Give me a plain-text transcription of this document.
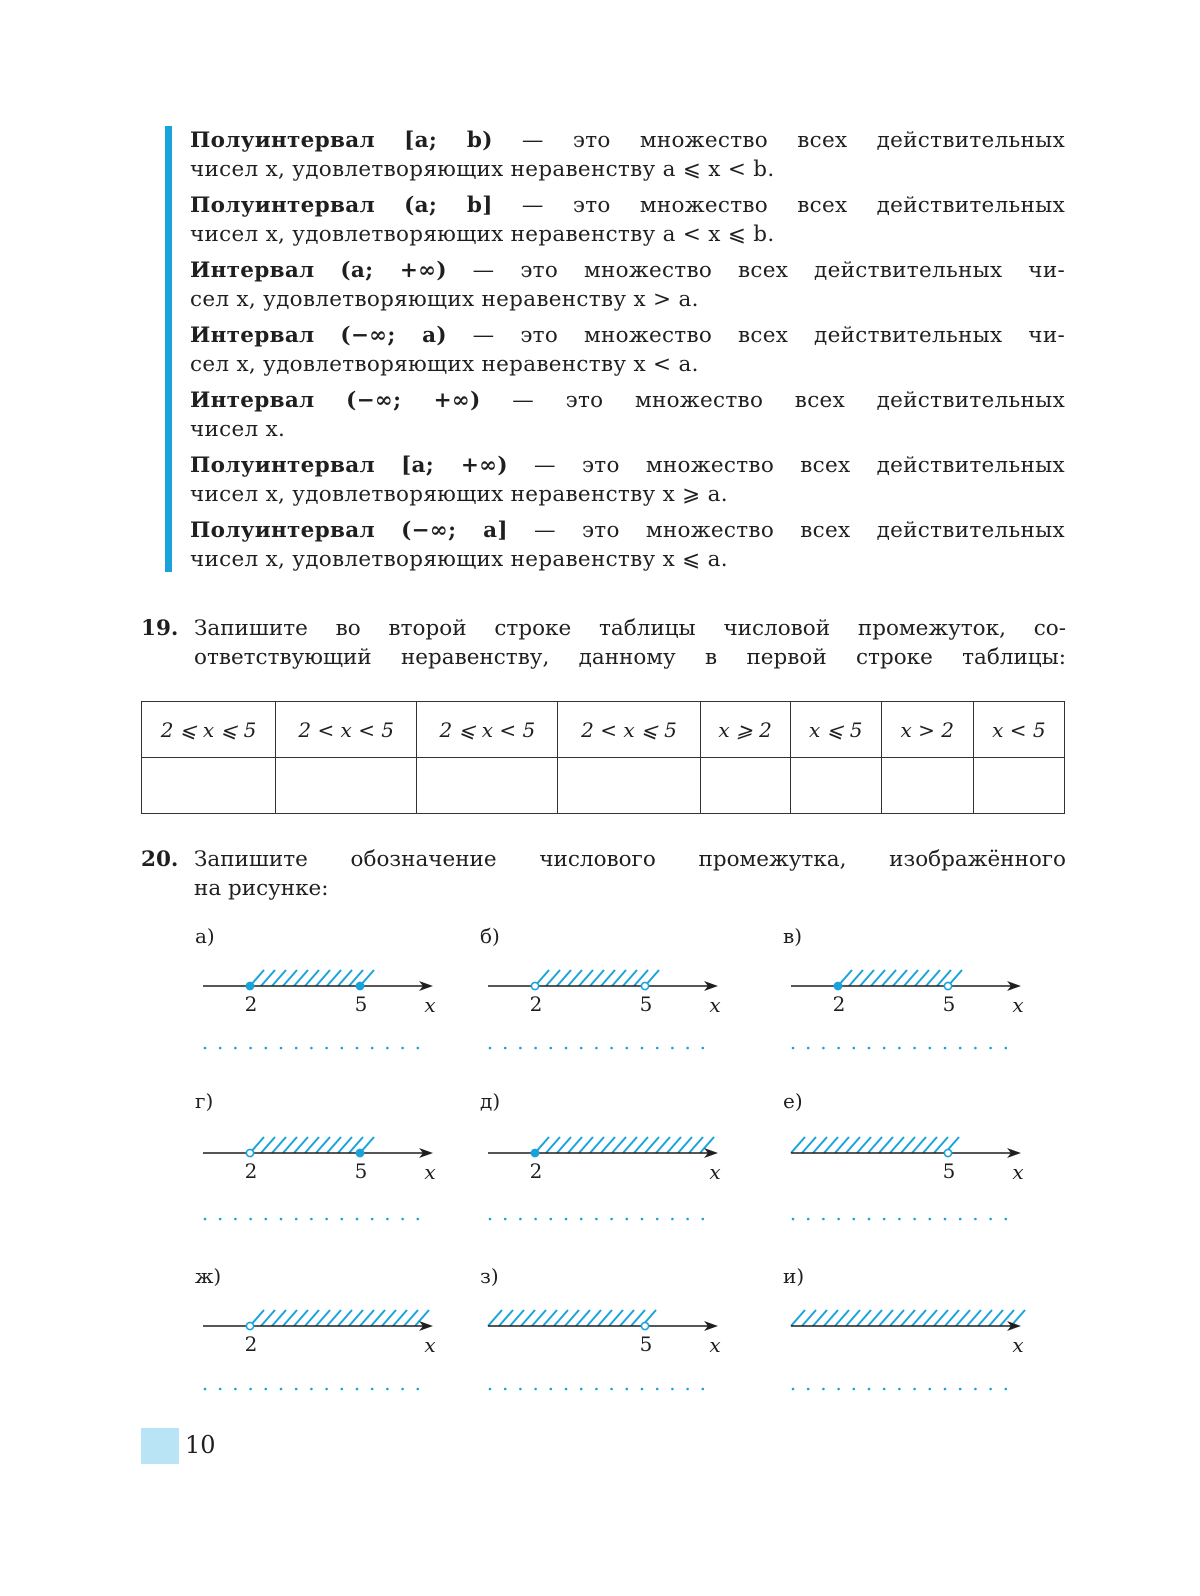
Полуинтервал [a; b) — это множество всех действительных
чисел x, удовлетворяющих неравенству a ⩽ x < b.
Полуинтервал (a; b] — это множество всех действительных
чисел x, удовлетворяющих неравенству a < x ⩽ b.
Интервал (a; +∞) — это множество всех действительных чи-
сел x, удовлетворяющих неравенству x > a.
Интервал (−∞; a) — это множество всех действительных чи-
сел x, удовлетворяющих неравенству x < a.
Интервал (−∞; +∞) — это множество всех действительных
чисел x.
Полуинтервал [a; +∞) — это множество всех действительных
чисел x, удовлетворяющих неравенству x ⩾ a.
Полуинтервал (−∞; a] — это множество всех действительных
чисел x, удовлетворяющих неравенству x ⩽ a.
19. Запишите во второй строке таблицы числовой промежуток, со-
ответствующий неравенству, данному в первой строке таблицы:
2 ⩽ x ⩽ 5	2 < x < 5	2 ⩽ x < 5	2 < x ⩽ 5	x ⩾ 2	x ⩽ 5	x > 2	x < 5

20. Запишите обозначение числового промежутка, изображённого
на рисунке:
а)
2	5	x
б)
2	5	x
в)
2	5	x
г)
2	5	x
д)
2	x
е)
5	x
ж)
2	x
з)
5	x
и)
x
10
